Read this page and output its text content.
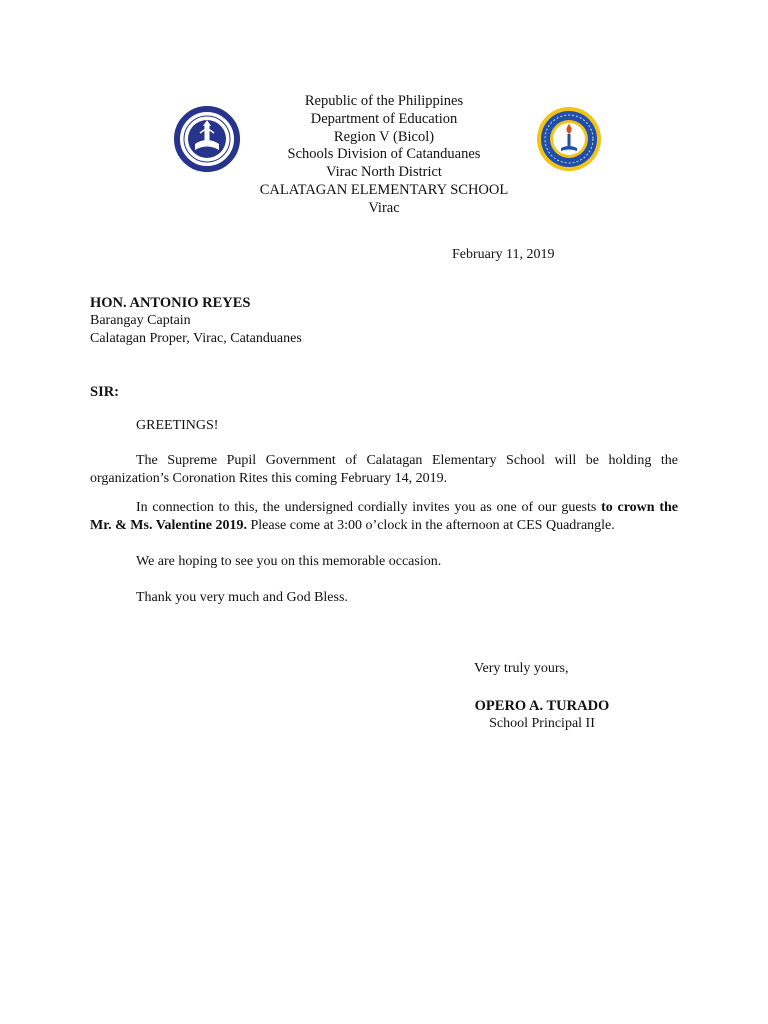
Republic of the Philippines
Department of Education
Region V (Bicol)
Schools Division of Catanduanes
Virac North District
CALATAGAN ELEMENTARY SCHOOL
Virac
February 11, 2019
HON. ANTONIO REYES
Barangay Captain
Calatagan Proper, Virac, Catanduanes
SIR:

GREETINGS!

The Supreme Pupil Government of Calatagan Elementary School will be holding the organization’s Coronation Rites this coming February 14, 2019.

In connection to this, the undersigned cordially invites you as one of our guests to crown the Mr. & Ms. Valentine 2019. Please come at 3:00 o’clock in the afternoon at CES Quadrangle.

We are hoping to see you on this memorable occasion.

Thank you very much and God Bless.

Very truly yours,
OPERO A. TURADO
School Principal II
